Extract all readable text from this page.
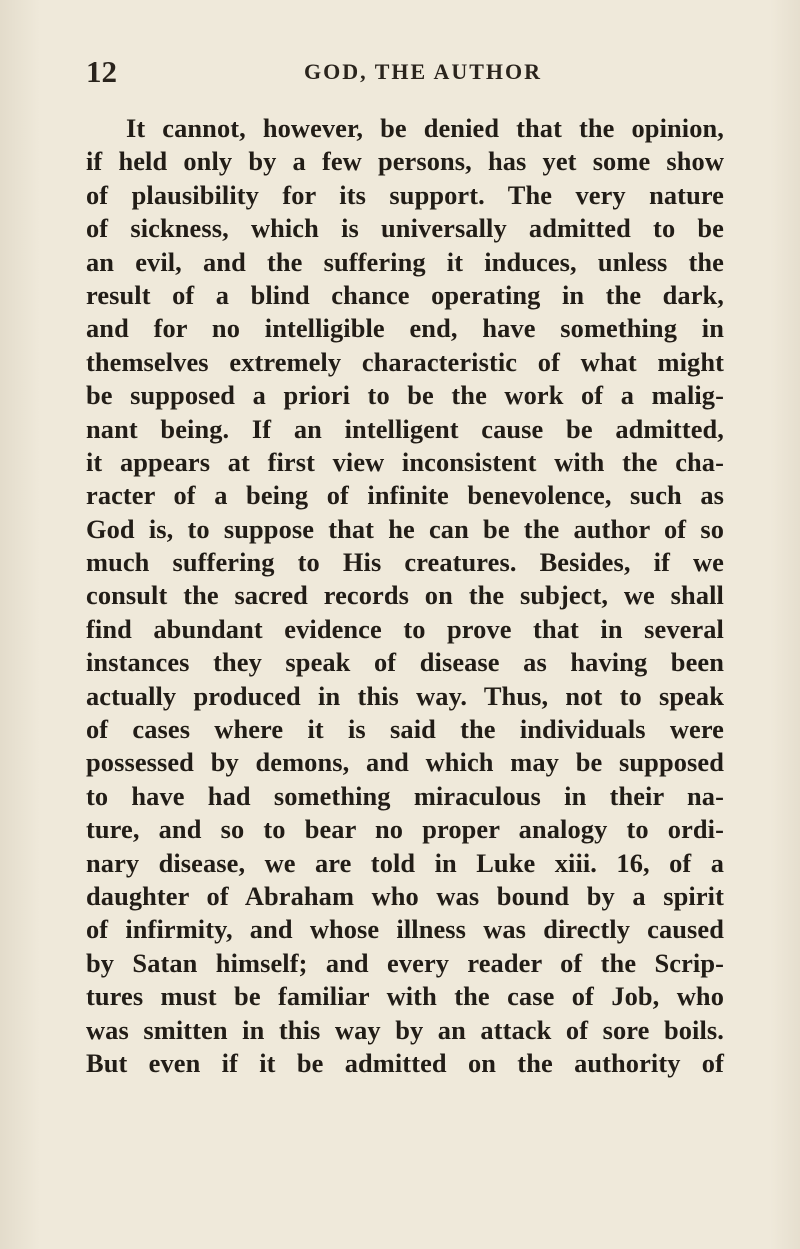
12	GOD, THE AUTHOR
It cannot, however, be denied that the opinion,
if held only by a few persons, has yet some show
of plausibility for its support. The very nature
of sickness, which is universally admitted to be
an evil, and the suffering it induces, unless the
result of a blind chance operating in the dark,
and for no intelligible end, have something in
themselves extremely characteristic of what might
be supposed a priori to be the work of a malig-
nant being. If an intelligent cause be admitted,
it appears at first view inconsistent with the cha-
racter of a being of infinite benevolence, such as
God is, to suppose that he can be the author of so
much suffering to His creatures. Besides, if we
consult the sacred records on the subject, we shall
find abundant evidence to prove that in several
instances they speak of disease as having been
actually produced in this way. Thus, not to speak
of cases where it is said the individuals were
possessed by demons, and which may be supposed
to have had something miraculous in their na-
ture, and so to bear no proper analogy to ordi-
nary disease, we are told in Luke xiii. 16, of a
daughter of Abraham who was bound by a spirit
of infirmity, and whose illness was directly caused
by Satan himself; and every reader of the Scrip-
tures must be familiar with the case of Job, who
was smitten in this way by an attack of sore boils.
But even if it be admitted on the authority of
